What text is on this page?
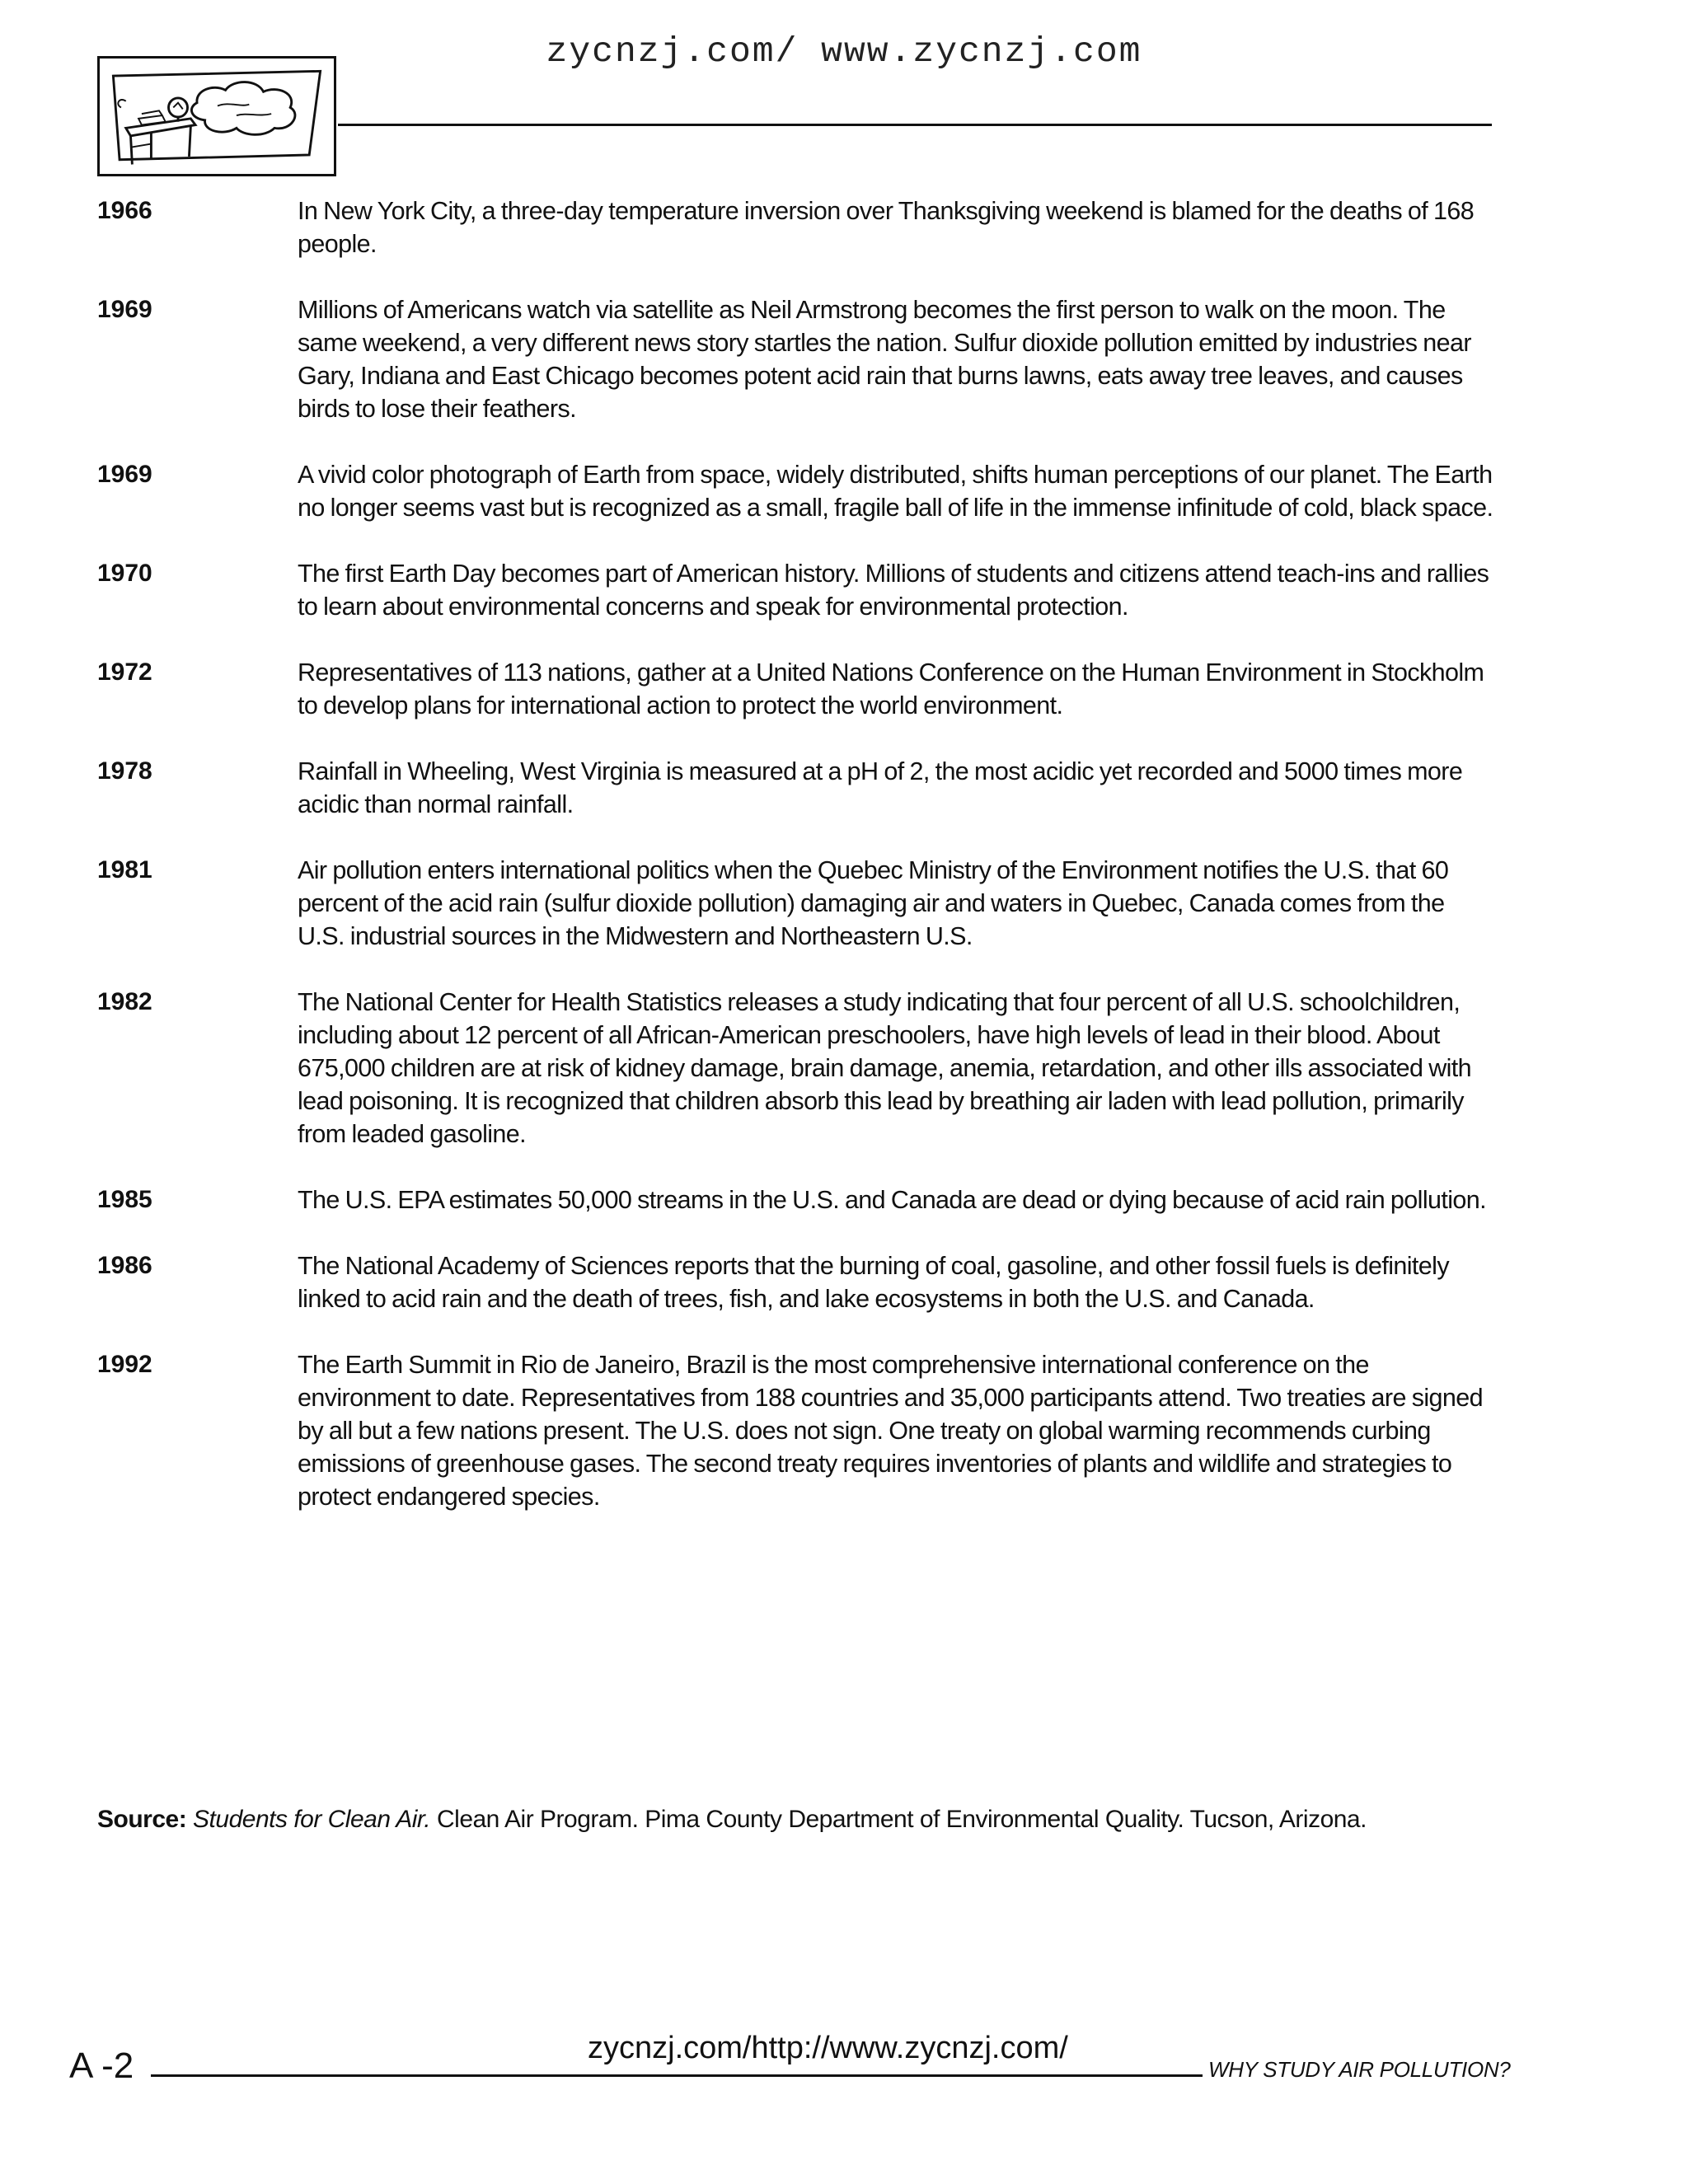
zycnzj.com/ www.zycnzj.com
1966	In New York City, a three-day temperature inversion over Thanksgiving weekend is blamed for the deaths of 168 people.
1969	Millions of Americans watch via satellite as Neil Armstrong becomes the first person to walk on the moon. The same weekend, a very different news story startles the nation. Sulfur dioxide pollution emitted by industries near Gary, Indiana and East Chicago becomes potent acid rain that burns lawns, eats away tree leaves, and causes birds to lose their feathers.
1969	A vivid color photograph of Earth from space, widely distributed, shifts human perceptions of our planet. The Earth no longer seems vast but is recognized as a small, fragile ball of life in the immense infinitude of cold, black space.
1970	The first Earth Day becomes part of American history. Millions of students and citizens attend teach-ins and rallies to learn about environmental concerns and speak for environmental protection.
1972	Representatives of 113 nations, gather at a United Nations Conference on the Human Environment in Stockholm to develop plans for international action to protect the world environment.
1978	Rainfall in Wheeling, West Virginia is measured at a pH of 2, the most acidic yet recorded and 5000 times more acidic than normal rainfall.
1981	Air pollution enters international politics when the Quebec Ministry of the Environment notifies the U.S. that 60 percent of the acid rain (sulfur dioxide pollution) damaging air and waters in Quebec, Canada comes from the U.S. industrial sources in the Midwestern and Northeastern U.S.
1982	The National Center for Health Statistics releases a study indicating that four percent of all U.S. schoolchildren, including about 12 percent of all African-American preschoolers, have high levels of lead in their blood. About 675,000 children are at risk of kidney damage, brain damage, anemia, retardation, and other ills associated with lead poisoning. It is recognized that children absorb this lead by breathing air laden with lead pollution, primarily from leaded gasoline.
1985	The U.S. EPA estimates 50,000 streams in the U.S. and Canada are dead or dying because of acid rain pollution.
1986	The National Academy of Sciences reports that the burning of coal, gasoline, and other fossil fuels is definitely linked to acid rain and the death of trees, fish, and lake ecosystems in both the U.S. and Canada.
1992	The Earth Summit in Rio de Janeiro, Brazil is the most comprehensive international conference on the environment to date. Representatives from 188 countries and 35,000 participants attend. Two treaties are signed by all but a few nations present. The U.S. does not sign. One treaty on global warming recommends curbing emissions of greenhouse gases. The second treaty requires inventories of plants and wildlife and strategies to protect endangered species.
Source: Students for Clean Air. Clean Air Program. Pima County Department of Environmental Quality. Tucson, Arizona.
A -2	zycnzj.com/http://www.zycnzj.com/
WHY STUDY AIR POLLUTION?
